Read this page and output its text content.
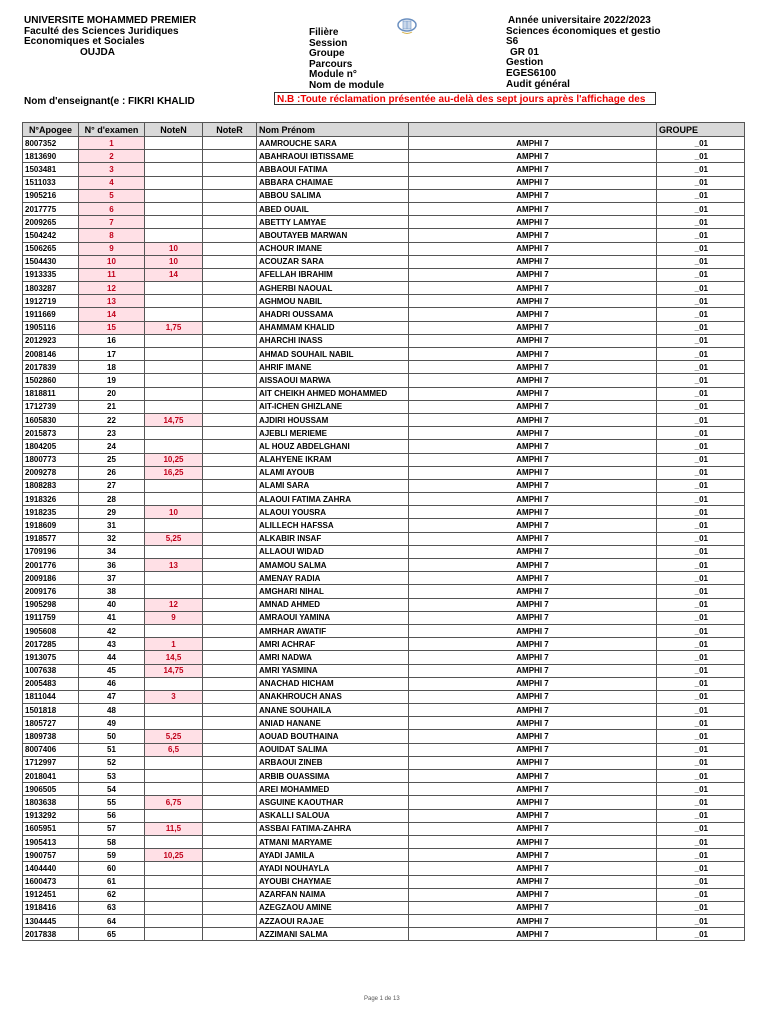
UNIVERSITE MOHAMMED PREMIER
Faculté des Sciences Juridiques
Economiques et Sociales
OUJDA
Filière
Session
Groupe
Parcours
Module n°
Nom de module
Année universitaire 2022/2023
Sciences économiques et gestio
S6
GR 01
Gestion
EGES6100
Audit général
Nom d'enseignant(e : FIKRI KHALID	N.B :Toute réclamation présentée au-delà des sept jours après l'affichage des
N°Apogee	N° d'examen	NoteN	NoteR	Nom Prénom		GROUPE
8007352	1			AAMROUCHE SARA	AMPHI 7	_01
1813690	2			ABAHRAOUI IBTISSAME	AMPHI 7	_01
1503481	3			ABBAOUI FATIMA	AMPHI 7	_01
1511033	4			ABBARA CHAIMAE	AMPHI 7	_01
1905216	5			ABBOU SALIMA	AMPHI 7	_01
2017775	6			ABED OUAIL	AMPHI 7	_01
2009265	7			ABETTY LAMYAE	AMPHI 7	_01
1504242	8			ABOUTAYEB MARWAN	AMPHI 7	_01
1506265	9	10		ACHOUR IMANE	AMPHI 7	_01
1504430	10	10		ACOUZAR SARA	AMPHI 7	_01
1913335	11	14		AFELLAH IBRAHIM	AMPHI 7	_01
1803287	12			AGHERBI NAOUAL	AMPHI 7	_01
1912719	13			AGHMOU NABIL	AMPHI 7	_01
1911669	14			AHADRI OUSSAMA	AMPHI 7	_01
1905116	15	1,75		AHAMMAM KHALID	AMPHI 7	_01
2012923	16			AHARCHI INASS	AMPHI 7	_01
2008146	17			AHMAD SOUHAIL NABIL	AMPHI 7	_01
2017839	18			AHRIF IMANE	AMPHI 7	_01
1502860	19			AISSAOUI MARWA	AMPHI 7	_01
1818811	20			AIT CHEIKH AHMED MOHAMMED	AMPHI 7	_01
1712739	21			AIT-ICHEN GHIZLANE	AMPHI 7	_01
1605830	22	14,75		AJDIRI HOUSSAM	AMPHI 7	_01
2015873	23			AJEBLI MERIEME	AMPHI 7	_01
1804205	24			AL HOUZ ABDELGHANI	AMPHI 7	_01
1800773	25	10,25		ALAHYENE IKRAM	AMPHI 7	_01
2009278	26	16,25		ALAMI AYOUB	AMPHI 7	_01
1808283	27			ALAMI SARA	AMPHI 7	_01
1918326	28			ALAOUI FATIMA ZAHRA	AMPHI 7	_01
1918235	29	10		ALAOUI YOUSRA	AMPHI 7	_01
1918609	31			ALILLECH HAFSSA	AMPHI 7	_01
1918577	32	5,25		ALKABIR INSAF	AMPHI 7	_01
1709196	34			ALLAOUI WIDAD	AMPHI 7	_01
2001776	36	13		AMAMOU SALMA	AMPHI 7	_01
2009186	37			AMENAY RADIA	AMPHI 7	_01
2009176	38			AMGHARI NIHAL	AMPHI 7	_01
1905298	40	12		AMNAD AHMED	AMPHI 7	_01
1911759	41	9		AMRAOUI YAMINA	AMPHI 7	_01
1905608	42			AMRHAR AWATIF	AMPHI 7	_01
2017285	43	1		AMRI ACHRAF	AMPHI 7	_01
1913075	44	14,5		AMRI NADWA	AMPHI 7	_01
1007638	45	14,75		AMRI YASMINA	AMPHI 7	_01
2005483	46			ANACHAD HICHAM	AMPHI 7	_01
1811044	47	3		ANAKHROUCH ANAS	AMPHI 7	_01
1501818	48			ANANE SOUHAILA	AMPHI 7	_01
1805727	49			ANIAD HANANE	AMPHI 7	_01
1809738	50	5,25		AOUAD BOUTHAINA	AMPHI 7	_01
8007406	51	6,5		AOUIDAT SALIMA	AMPHI 7	_01
1712997	52			ARBAOUI ZINEB	AMPHI 7	_01
2018041	53			ARBIB OUASSIMA	AMPHI 7	_01
1906505	54			AREI MOHAMMED	AMPHI 7	_01
1803638	55	6,75		ASGUINE KAOUTHAR	AMPHI 7	_01
1913292	56			ASKALLI SALOUA	AMPHI 7	_01
1605951	57	11,5		ASSBAI FATIMA-ZAHRA	AMPHI 7	_01
1905413	58			ATMANI MARYAME	AMPHI 7	_01
1900757	59	10,25		AYADI JAMILA	AMPHI 7	_01
1404440	60			AYADI NOUHAYLA	AMPHI 7	_01
1600473	61			AYOUBI CHAYMAE	AMPHI 7	_01
1912451	62			AZARFAN NAIMA	AMPHI 7	_01
1918416	63			AZEGZAOU AMINE	AMPHI 7	_01
1304445	64			AZZAOUI RAJAE	AMPHI 7	_01
2017838	65			AZZIMANI SALMA	AMPHI 7	_01
Page 1 de 13
